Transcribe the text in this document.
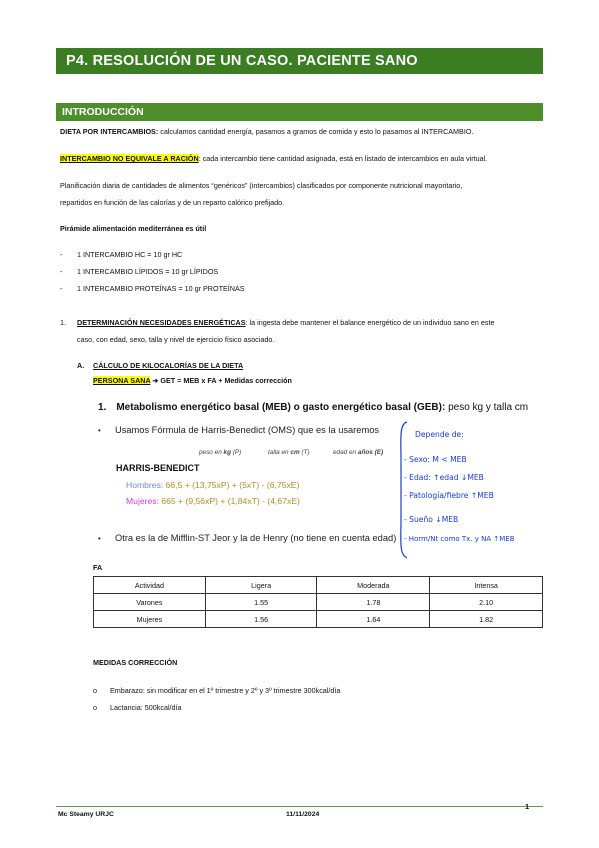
P4. RESOLUCIÓN DE UN CASO. PACIENTE SANO
INTRODUCCIÓN
DIETA POR INTERCAMBIOS: calculamos cantidad energía, pasamos a gramos de comida y esto lo pasamos al INTERCAMBIO.
INTERCAMBIO NO EQUIVALE A RACIÓN: cada intercambio tiene cantidad asignada, está en listado de intercambios en aula virtual.
Planificación diaria de cantidades de alimentos “genéricos” (intercambios) clasificados por componente nutricional mayoritario,
repartidos en función de las calorías y de un reparto calórico prefijado.
Pirámide alimentación mediterránea es útil
- 1 INTERCAMBIO HC = 10 gr HC
- 1 INTERCAMBIO LÍPIDOS = 10 gr LÍPIDOS
- 1 INTERCAMBIO PROTEÍNAS = 10 gr PROTEÍNAS
1. DETERMINACIÓN NECESIDADES ENERGÉTICAS: la ingesta debe mantener el balance energético de un individuo sano en este
caso, con edad, sexo, talla y nivel de ejercicio físico asociado.
A. CÁLCULO DE KILOCALORÍAS DE LA DIETA
PERSONA SANA ➔ GET = MEB x FA + Medidas corrección
1. Metabolismo energético basal (MEB) o gasto energético basal (GEB): peso kg y talla cm
• Usamos Fórmula de Harris-Benedict (OMS) que es la usaremos
peso en kg (P)	talla en cm (T)	edad en años (E)
HARRIS-BENEDICT
Hombres: 66,5 + (13,75xP) + (5xT) - (6,75xE)
Mujeres: 665 + (9,56xP) + (1,84xT) - (4,67xE)
• Otra es la de Mifflin-ST Jeor y la de Henry (no tiene en cuenta edad)
Depende de:
- Sexo: M < MEB
- Edad: ↑edad ↓MEB
- Patología/fiebre ↑MEB
- Sueño ↓MEB
- Horm/Nt como Tx. y NA ↑MEB
FA
Actividad	Ligera	Moderada	Intensa
Varones	1.55	1.78	2.10
Mujeres	1.56	1.64	1.82
MEDIDAS CORRECCIÓN
o Embarazo: sin modificar en el 1º trimestre y 2º y 3º trimestre 300kcal/día
o Lactancia: 500kcal/día
Mc Steamy URJC	11/11/2024
1
